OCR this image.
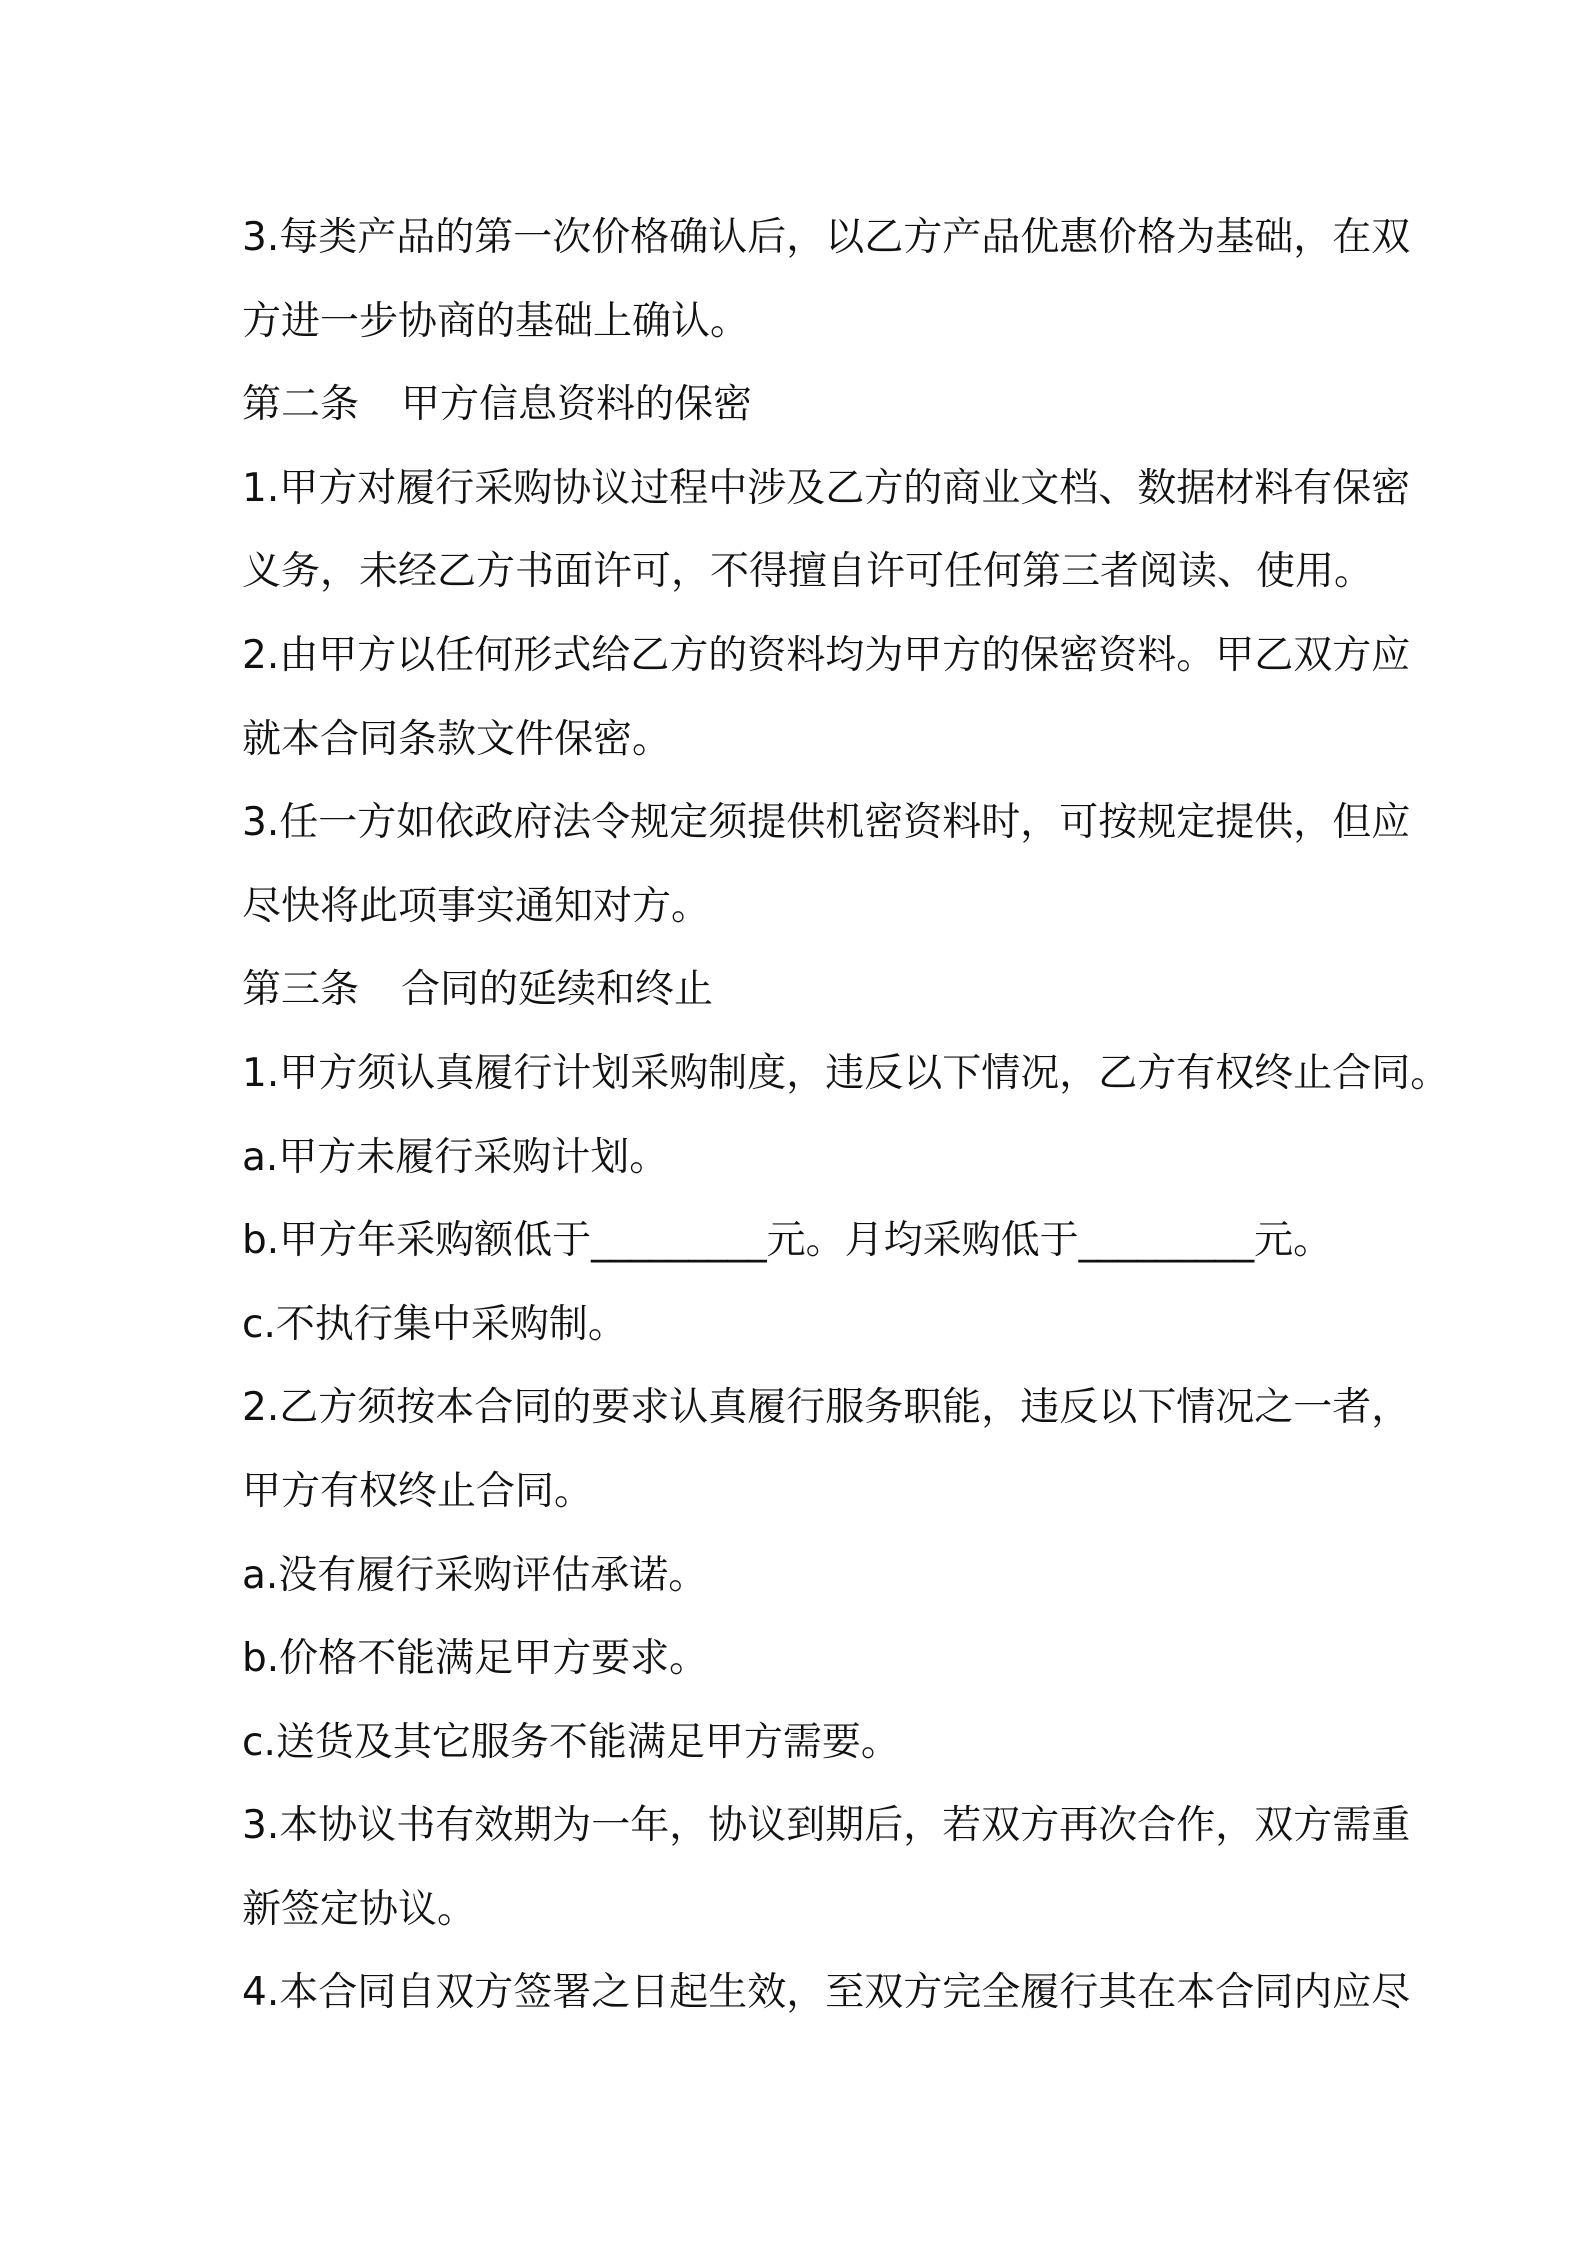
3.每类产品的第一次价格确认后，以乙方产品优惠价格为基础，在双
方进一步协商的基础上确认。
第二条 甲方信息资料的保密
1.甲方对履行采购协议过程中涉及乙方的商业文档、数据材料有保密
义务，未经乙方书面许可，不得擅自许可任何第三者阅读、使用。
2.由甲方以任何形式给乙方的资料均为甲方的保密资料。甲乙双方应
就本合同条款文件保密。
3.任一方如依政府法令规定须提供机密资料时，可按规定提供，但应
尽快将此项事实通知对方。
第三条 合同的延续和终止
1.甲方须认真履行计划采购制度，违反以下情况，乙方有权终止合同。
a.甲方未履行采购计划。
b.甲方年采购额低于_________元。月均采购低于_________元。
c.不执行集中采购制。
2.乙方须按本合同的要求认真履行服务职能，违反以下情况之一者，
甲方有权终止合同。
a.没有履行采购评估承诺。
b.价格不能满足甲方要求。
c.送货及其它服务不能满足甲方需要。
3.本协议书有效期为一年，协议到期后，若双方再次合作，双方需重
新签定协议。
4.本合同自双方签署之日起生效，至双方完全履行其在本合同内应尽
